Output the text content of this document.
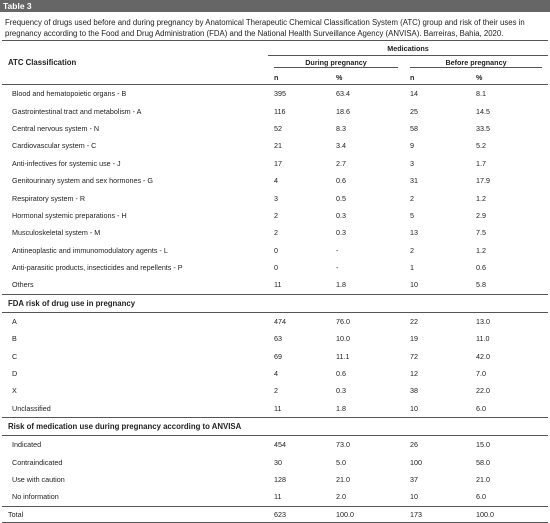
Table 3
Frequency of drugs used before and during pregnancy by Anatomical Therapeutic Chemical Classification System (ATC) group and risk of their uses in pregnancy according to the Food and Drug Administration (FDA) and the National Health Surveillance Agency (ANVISA). Barreiras, Bahia, 2020.
ATC Classification	Medications			

	During pregnancy		Before pregnancy	

	n	%	n	%
Blood and hematopoietic organs - B	395	63.4	14	8.1
Gastrointestinal tract and metabolism - A	116	18.6	25	14.5
Central nervous system - N	52	8.3	58	33.5
Cardiovascular system - C	21	3.4	9	5.2
Anti-infectives for systemic use - J	17	2.7	3	1.7
Genitourinary system and sex hormones - G	4	0.6	31	17.9
Respiratory system - R	3	0.5	2	1.2
Hormonal systemic preparations - H	2	0.3	5	2.9
Musculoskeletal system - M	2	0.3	13	7.5
Antineoplastic and immunomodulatory agents - L	0	-	2	1.2
Anti-parasitic products, insecticides and repellents - P	0	-	1	0.6
Others	11	1.8	10	5.8
FDA risk of drug use in pregnancy				
A	474	76.0	22	13.0
B	63	10.0	19	11.0
C	69	11.1	72	42.0
D	4	0.6	12	7.0
X	2	0.3	38	22.0
Unclassified	11	1.8	10	6.0
Risk of medication use during pregnancy according to ANVISA				
Indicated	454	73.0	26	15.0
Contraindicated	30	5.0	100	58.0
Use with caution	128	21.0	37	21.0
No information	11	2.0	10	6.0
Total	623	100.0	173	100.0
